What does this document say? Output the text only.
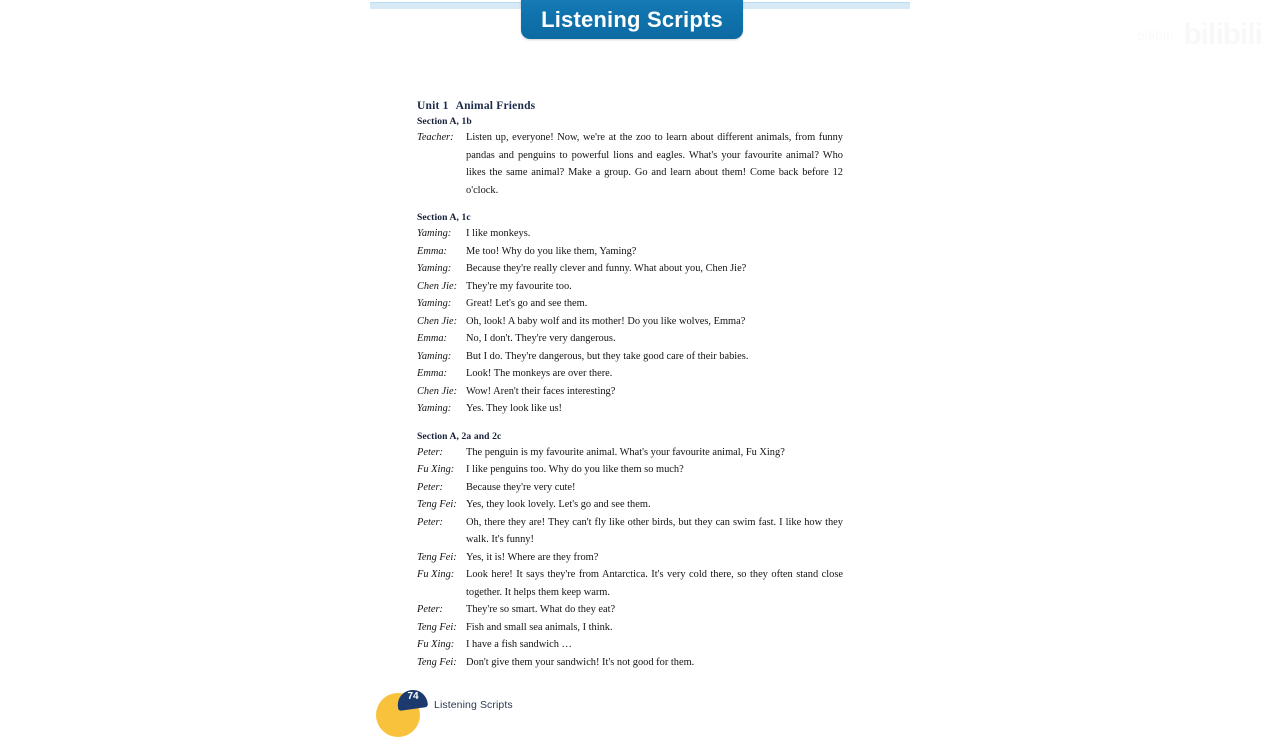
Listening Scripts
bilibili bilibili
Unit 1 Animal Friends
Section A, 1b
Teacher:	Listen up, everyone! Now, we're at the zoo to learn about different animals, from funny pandas and penguins to powerful lions and eagles. What's your favourite animal? Who likes the same animal? Make a group. Go and learn about them! Come back before 12 o'clock.
Section A, 1c
Yaming:	I like monkeys.
Emma:	Me too! Why do you like them, Yaming?
Yaming:	Because they're really clever and funny. What about you, Chen Jie?
Chen Jie: They're my favourite too.
Yaming:	Great! Let's go and see them.
Chen Jie: Oh, look! A baby wolf and its mother! Do you like wolves, Emma?
Emma:	No, I don't. They're very dangerous.
Yaming:	But I do. They're dangerous, but they take good care of their babies.
Emma:	Look! The monkeys are over there.
Chen Jie: Wow! Aren't their faces interesting?
Yaming:	Yes. They look like us!
Section A, 2a and 2c
Peter:	The penguin is my favourite animal. What's your favourite animal, Fu Xing?
Fu Xing:	I like penguins too. Why do you like them so much?
Peter:	Because they're very cute!
Teng Fei: Yes, they look lovely. Let's go and see them.
Peter:	Oh, there they are! They can't fly like other birds, but they can swim fast. I like how they walk. It's funny!
Teng Fei: Yes, it is! Where are they from?
Fu Xing:	Look here! It says they're from Antarctica. It's very cold there, so they often stand close together. It helps them keep warm.
Peter:	They're so smart. What do they eat?
Teng Fei: Fish and small sea animals, I think.
Fu Xing:	I have a fish sandwich …
Teng Fei: Don't give them your sandwich! It's not good for them.
74
Listening Scripts
